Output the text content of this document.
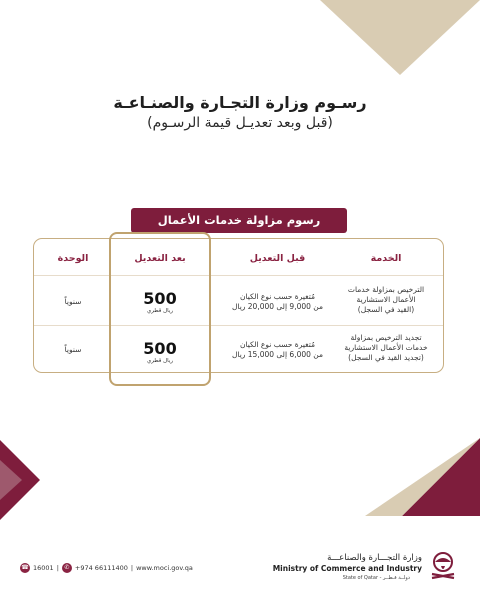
رسـوم وزارة التجـارة والصنـاعـة
(قبل وبعد تعديـل قيمة الرسـوم)
رسوم مزاولة خدمات الأعمال
الخدمة
قبل التعديل
بعد التعديل
الوحدة
الترخيص بمزاولة خدمات
الأعمال الاستشارية
(القيد في السجل)
مُتغيرة حسب نوع الكيان
من 9,000 إلى 20,000 ريال
500
ريال قطري
سنوياً
تجديد الترخيص بمزاولة
خدمات الأعمال الاستشارية
(تجديد القيد في السجل)
مُتغيرة حسب نوع الكيان
من 6,000 إلى 15,000 ريال
500
ريال قطري
سنوياً
☎ 16001 | ✆ +974 66111400 | www.moci.gov.qa
وزارة التجـــارة والصناعـــة
Ministry of Commerce and Industry
State of Qatar - دولــة قـطــر
